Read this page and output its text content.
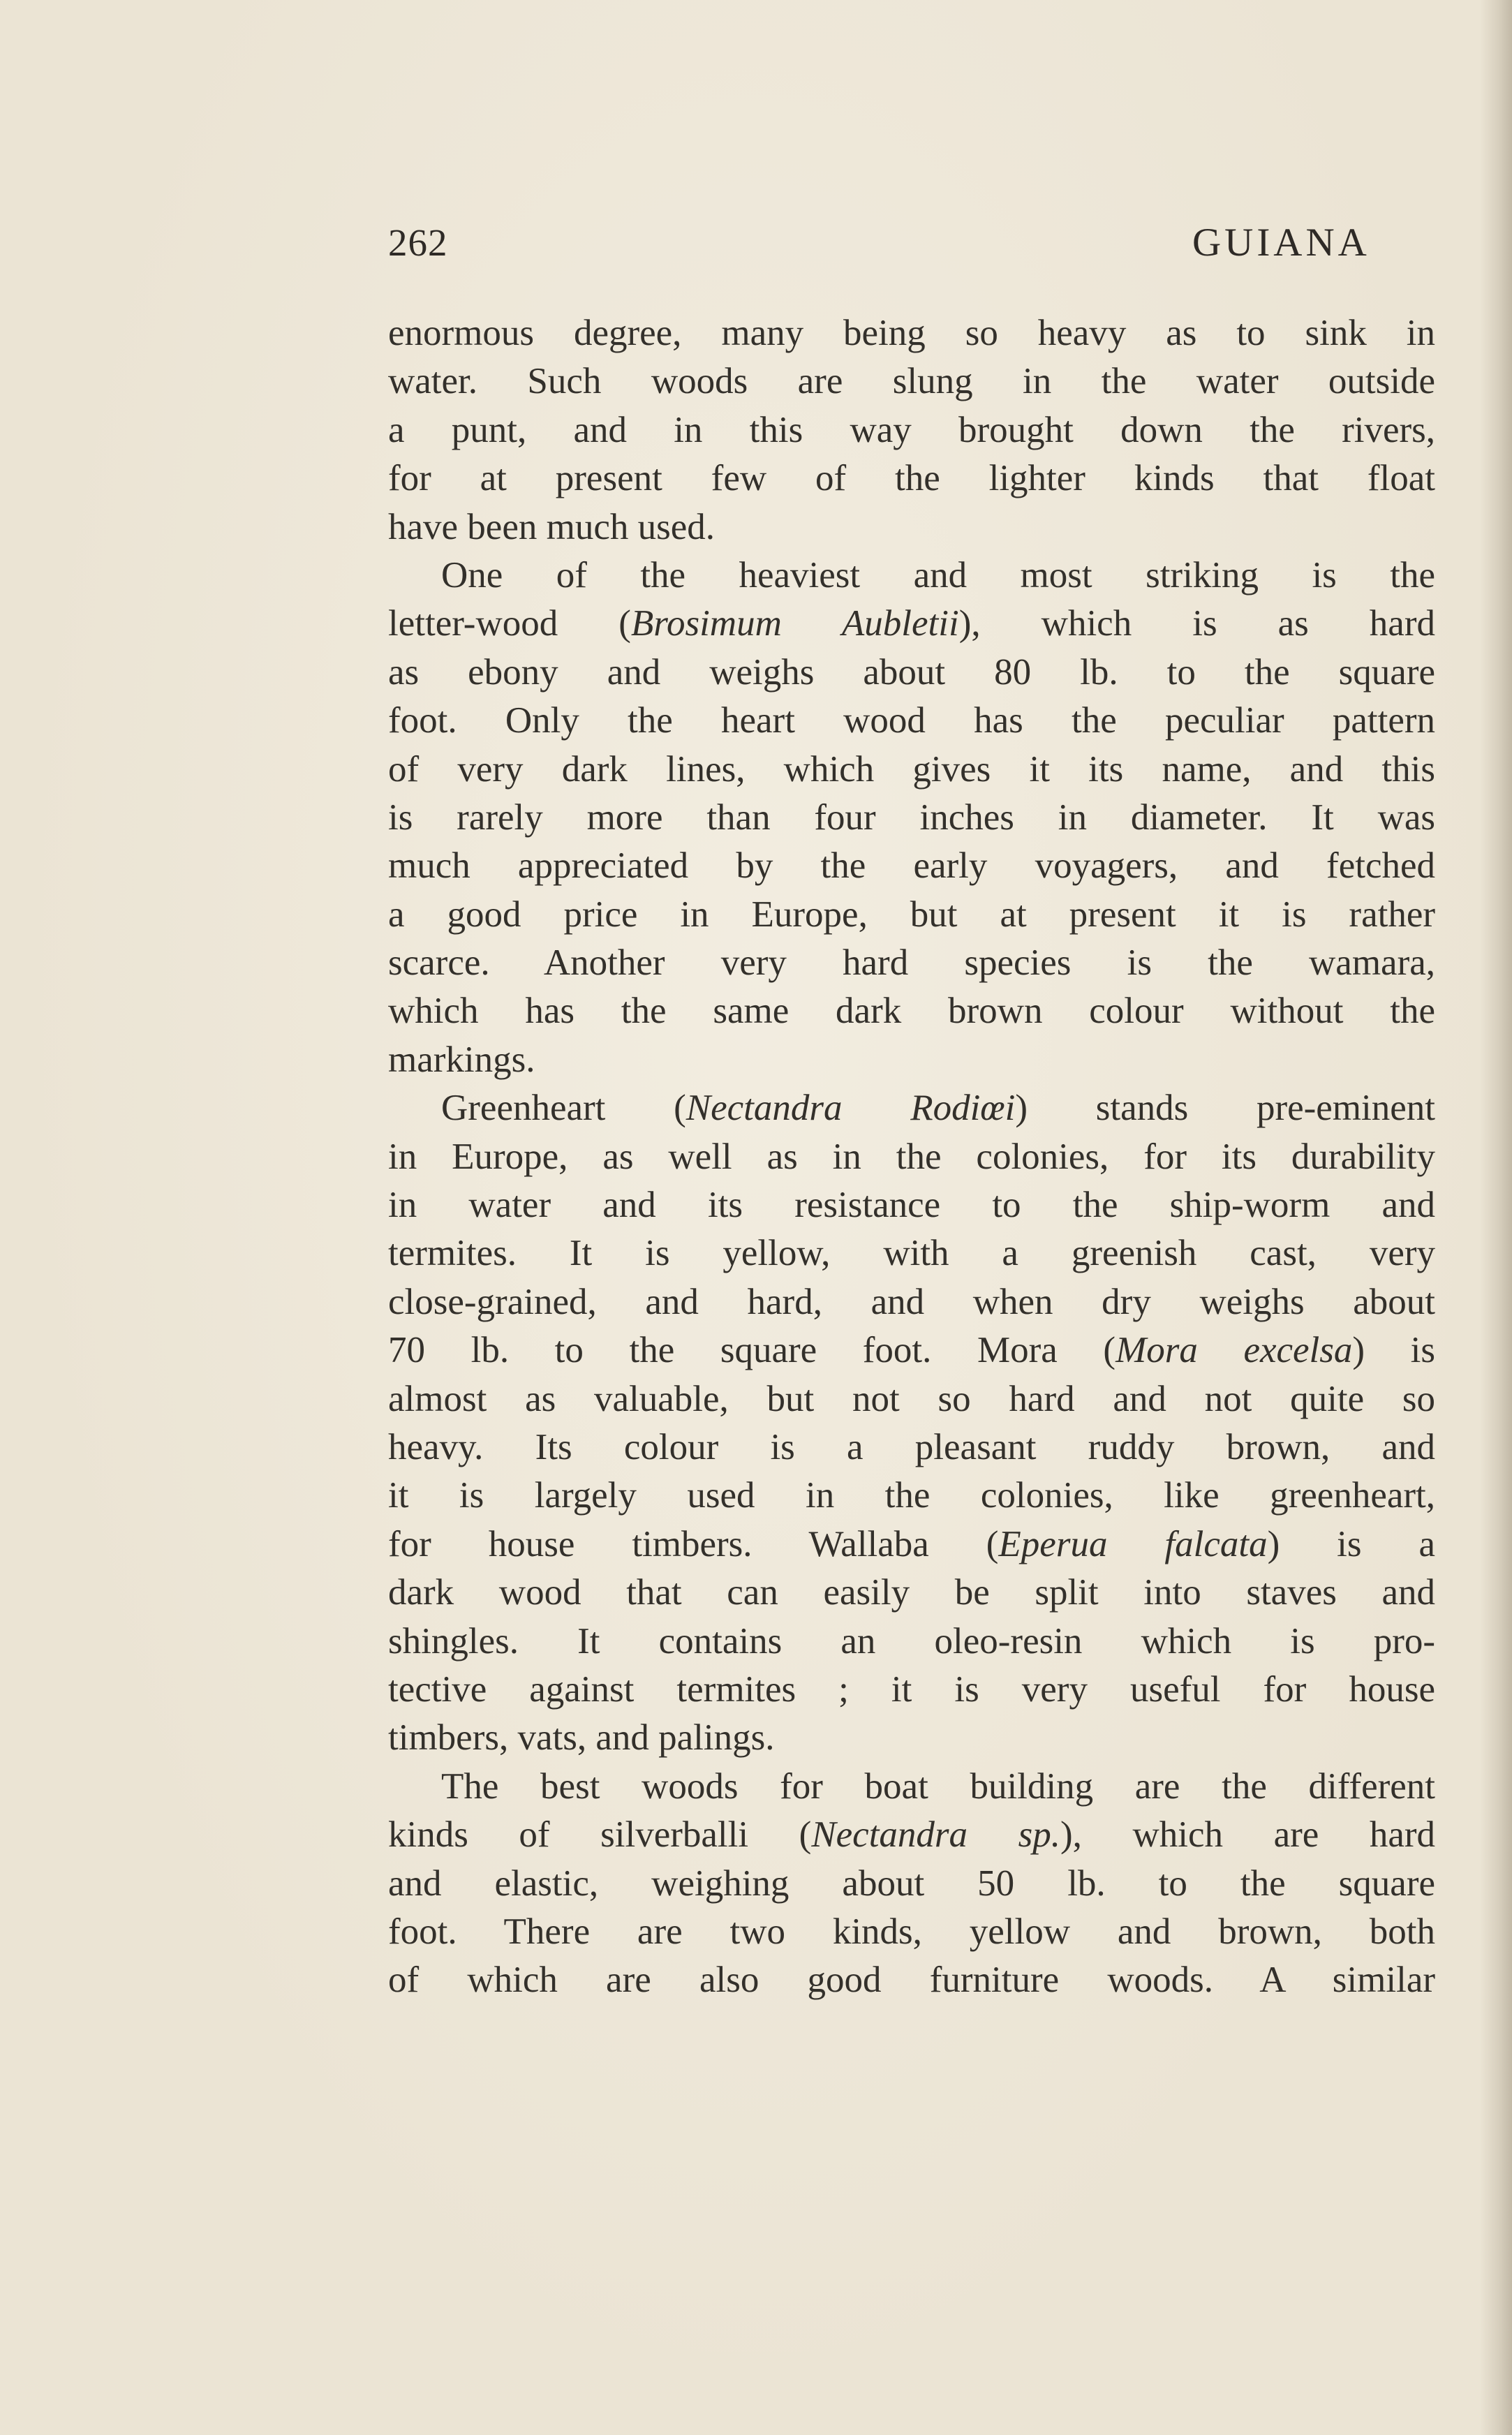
262	GUIANA
enormous degree, many being so heavy as to sink in
water. Such woods are slung in the water outside
a punt, and in this way brought down the rivers,
for at present few of the lighter kinds that float
have been much used.
One of the heaviest and most striking is the
letter-wood (Brosimum Aubletii), which is as hard
as ebony and weighs about 80 lb. to the square
foot. Only the heart wood has the peculiar pattern
of very dark lines, which gives it its name, and this
is rarely more than four inches in diameter. It was
much appreciated by the early voyagers, and fetched
a good price in Europe, but at present it is rather
scarce. Another very hard species is the wamara,
which has the same dark brown colour without the
markings.
Greenheart (Nectandra Rodiœi) stands pre-eminent
in Europe, as well as in the colonies, for its durability
in water and its resistance to the ship-worm and
termites. It is yellow, with a greenish cast, very
close-grained, and hard, and when dry weighs about
70 lb. to the square foot. Mora (Mora excelsa) is
almost as valuable, but not so hard and not quite so
heavy. Its colour is a pleasant ruddy brown, and
it is largely used in the colonies, like greenheart,
for house timbers. Wallaba (Eperua falcata) is a
dark wood that can easily be split into staves and
shingles. It contains an oleo-resin which is pro-
tective against termites ; it is very useful for house
timbers, vats, and palings.
The best woods for boat building are the different
kinds of silverballi (Nectandra sp.), which are hard
and elastic, weighing about 50 lb. to the square
foot. There are two kinds, yellow and brown, both
of which are also good furniture woods. A similar
